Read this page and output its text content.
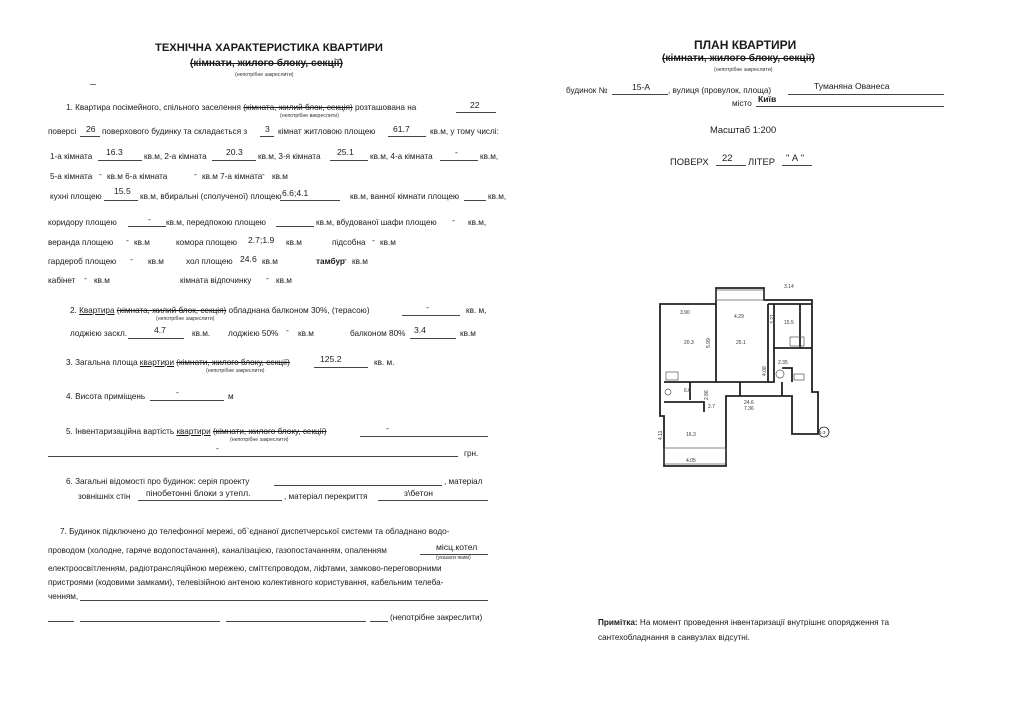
ТЕХНІЧНА ХАРАКТЕРИСТИКА КВАРТИРИ
(кімнати, жилого блоку, секції)
(непотрібне закреслити)
1. Квартира посімейного, спільного заселення (кімната, жилий блок, секція) розташована на	22
(непотрібне викреслити)
поверсі 26 поверхового будинку та складається з 3 кімнат житловою площею 61.7 кв.м, у тому числі:
1-а кімната 16.3	кв.м, 2-а кімната 20.3 кв.м, 3-я кімната 25.1 кв.м, 4-а кімната	-	кв.м,
5-а кімната - кв.м 6-а кімната	- кв.м 7-а кімната - кв.м
кухні площею
15.5
кв.м, вбиральні (сполученої) площею 6.6;4.1	кв.м, ванної кімнати площею	кв.м,
коридору площею	- кв.м, передпокою площею	кв.м, вбудованої шафи площею - кв.м,
веранда площею - кв.м	комора площею 2.7;1.9 кв.м	підсобна - кв.м
гардероб площею - кв.м	хол площею 24.6 кв.м	тамбур - кв.м
кабінет - кв.м	кімната відпочинку - кв.м
2. Квартира (кімната, жилий блок, секція) обладнана балконом 30%, (терасою)	-	кв. м,
(непотрібне закреслити)
лоджією заскл.	4.7	кв.м. лоджією 50% - кв.м	балконом 80% 3.4	кв.м
3. Загальна площа квартири (кімнати, жилого блоку, секції)	125.2	кв. м.
(непотрібне закреслити)
4. Висота приміщень	-	м
5. Інвентаризаційна вартість квартири (кімнати, жилого блоку, секції)	-
(непотрібне закреслити)
-
грн.
6. Загальні відомості про будинок: серія проекту	, матеріал
зовнішніх стін пінобетонні блоки з утепл.	, матеріал перекриття	з\бетон
7. Будинок підключено до телефонної мережі, об`єднаної диспетчерської системи та обладнано водо-
проводом (холодне, гаряче водопостачання), каналізацією, газопостачанням, опаленням	місц.котел
(указати яким)
електроосвітленням, радіотрансляційною мережею, сміттєпроводом, ліфтами, замково-переговорними
пристроями (кодовими замками), телевізійною антеною колективного користування, кабельним телеба-
ченням,
(непотрібне закреслити)
ПЛАН КВАРТИРИ
(кімнати, жилого блоку, секції)
(непотрібне закреслити)
будинок №	15-А , вулиця (провулок, площа)	Туманяна Ованеса
місто Київ
Масштаб 1:200
ПОВЕРХ 22 ЛІТЕР " А "
1-3
3.14
3.90
4.29	3.21
20.3	25.1
15.5
5.99
4.08
24.6
7.36
6.6
2.7
16.3
4.11
4.05
2.35
2.86
Примітка: На момент проведення інвентаризації внутрішнє опорядження та
сантехобладнання в санвузлах відсутні.
